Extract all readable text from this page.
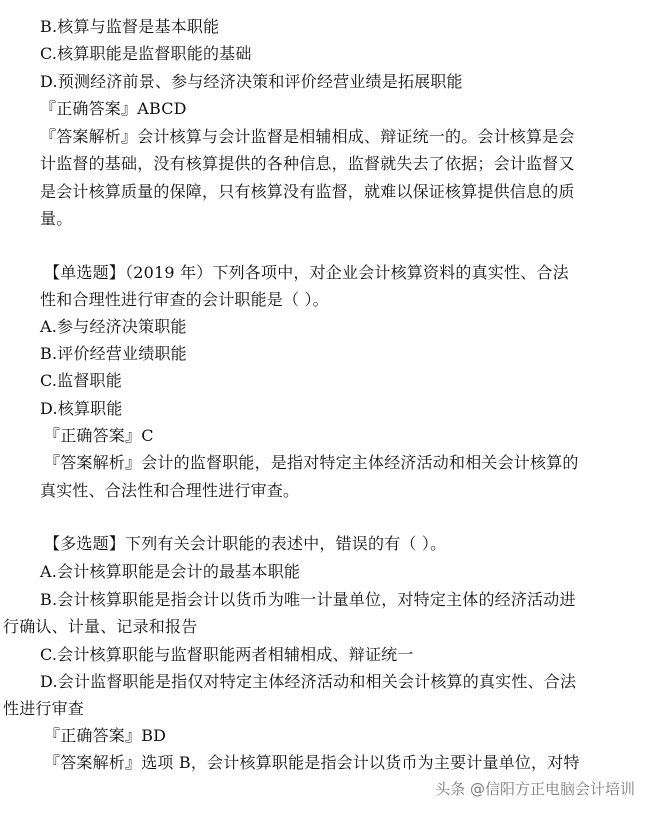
B.核算与监督是基本职能
C.核算职能是监督职能的基础
D.预测经济前景、参与经济决策和评价经营业绩是拓展职能
『正确答案』ABCD
『答案解析』会计核算与会计监督是相辅相成、辩证统一的。会计核算是会
计监督的基础，没有核算提供的各种信息，监督就失去了依据；会计监督又
是会计核算质量的保障，只有核算没有监督，就难以保证核算提供信息的质
量。
【单选题】（2019 年）下列各项中，对企业会计核算资料的真实性、合法
性和合理性进行审查的会计职能是（ ）。
A.参与经济决策职能
B.评价经营业绩职能
C.监督职能
D.核算职能
『正确答案』C
『答案解析』会计的监督职能，是指对特定主体经济活动和相关会计核算的
真实性、合法性和合理性进行审查。
【多选题】下列有关会计职能的表述中，错误的有（ ）。
A.会计核算职能是会计的最基本职能
B.会计核算职能是指会计以货币为唯一计量单位，对特定主体的经济活动进
行确认、计量、记录和报告
C.会计核算职能与监督职能两者相辅相成、辩证统一
D.会计监督职能是指仅对特定主体经济活动和相关会计核算的真实性、合法
性进行审查
『正确答案』BD
『答案解析』选项 B，会计核算职能是指会计以货币为主要计量单位，对特
头条 @信阳方正电脑会计培训
